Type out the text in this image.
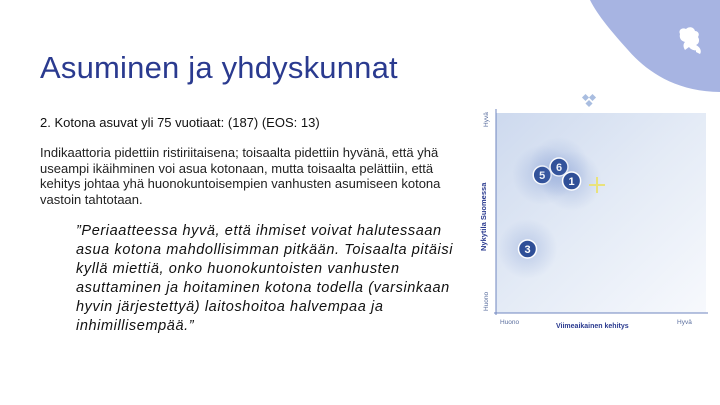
Asuminen ja yhdyskunnat
2. Kotona asuvat yli 75 vuotiaat: (187) (EOS: 13)
Indikaattoria pidettiin ristiriitaisena; toisaalta pidettiin hyvänä, että yhä useampi ikäihminen voi asua kotonaan, mutta toisaalta pelättiin, että kehitys johtaa yhä huonokuntoisempien vanhusten asumiseen kotona vastoin tahtotaan.
”Periaatteessa hyvä, että ihmiset voivat halutessaan asua kotona mahdollisimman pitkään. Toisaalta pitäisi kyllä miettiä, onko huonokuntoisten vanhusten asuttaminen ja hoitaminen kotona todella (varsinkaan hyvin järjestettyä) laitoshoitoa halvempaa ja inhimillisempää.”
Nykytila Suomessa
Hyvä
Huono
Viimeaikainen kehitys
Huono	Hyvä
1
3
